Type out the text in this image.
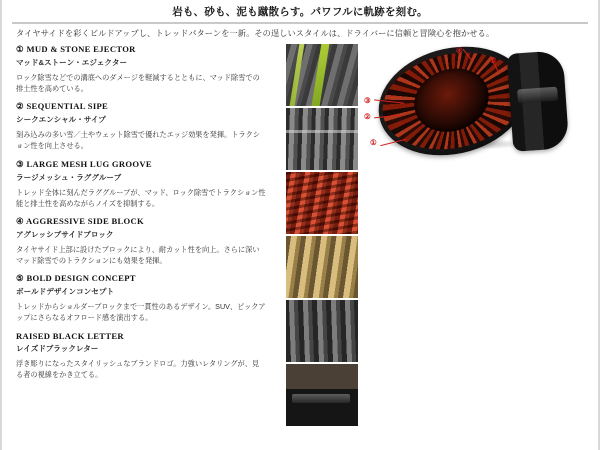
岩も、砂も、泥も蹴散らす。パワフルに軌跡を刻む。
タイヤサイドを彩くビルドアップし、トレッドパターンを一新。その逞しいスタイルは、ドライバーに信頼と冒険心を抱かせる。

① MUD & STONE EJECTOR

マッド&ストーン・エジェクター

ロック除雪などでの溝底へのダメージを軽減するとともに、マッド除雪での排土性を高めている。

② SEQUENTIAL SIPE

シークエンシャル・サイプ

刻み込みの多い雪／土やウェット除雪で優れたエッジ効果を発揮。トラクション性を向上させる。

③ LARGE MESH LUG GROOVE

ラージメッシュ・ラググルーブ

トレッド全体に刻んだラググルーブが、マッド、ロック除雪でトラクション性能と排土性を高めながらノイズを抑制する。

④ AGGRESSIVE SIDE BLOCK

アグレッシブサイドブロック

タイヤサイド上部に設けたブロックにより、耐カット性を向上。さらに深いマッド除雪でのトラクションにも効果を発揮。

⑤ BOLD DESIGN CONCEPT

ボールドデザインコンセプト

トレッドからショルダーブロックまで一貫性のあるデザイン。SUV、ピックアップにさらなるオフロード感を演出する。

RAISED BLACK LETTER

レイズドブラックレター

浮き彫りになったスタイリッシュなブランドロゴ。力強いレタリングが、見る者の視線をかき立てる。

①
②
③
④
⑤
